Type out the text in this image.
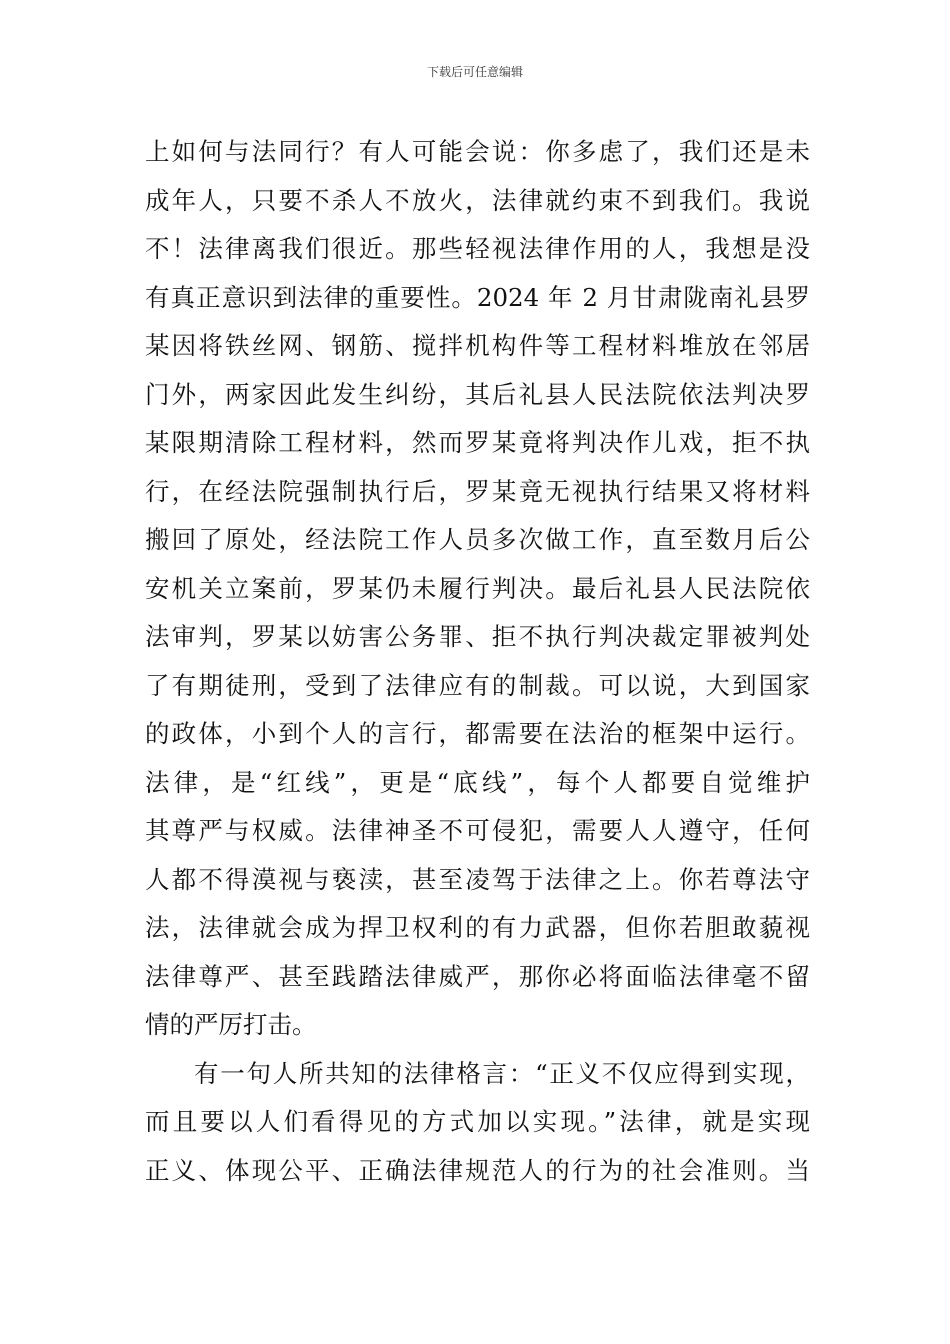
下载后可任意编辑
上如何与法同行？有人可能会说：你多虑了，我们还是未
成年人，只要不杀人不放火，法律就约束不到我们。我说
不！法律离我们很近。那些轻视法律作用的人，我想是没
有真正意识到法律的重要性。2024 年 2 月甘肃陇南礼县罗
某因将铁丝网、钢筋、搅拌机构件等工程材料堆放在邻居
门外，两家因此发生纠纷，其后礼县人民法院依法判决罗
某限期清除工程材料，然而罗某竟将判决作儿戏，拒不执
行，在经法院强制执行后，罗某竟无视执行结果又将材料
搬回了原处，经法院工作人员多次做工作，直至数月后公
安机关立案前，罗某仍未履行判决。最后礼县人民法院依
法审判，罗某以妨害公务罪、拒不执行判决裁定罪被判处
了有期徒刑，受到了法律应有的制裁。可以说，大到国家
的政体，小到个人的言行，都需要在法治的框架中运行。
法律，是“红线”，更是“底线”，每个人都要自觉维护
其尊严与权威。法律神圣不可侵犯，需要人人遵守，任何
人都不得漠视与亵渎，甚至凌驾于法律之上。你若尊法守
法，法律就会成为捍卫权利的有力武器，但你若胆敢藐视
法律尊严、甚至践踏法律威严，那你必将面临法律毫不留
情的严厉打击。
有一句人所共知的法律格言：“正义不仅应得到实现，
而且要以人们看得见的方式加以实现。”法律，就是实现
正义、体现公平、正确法律规范人的行为的社会准则。当
